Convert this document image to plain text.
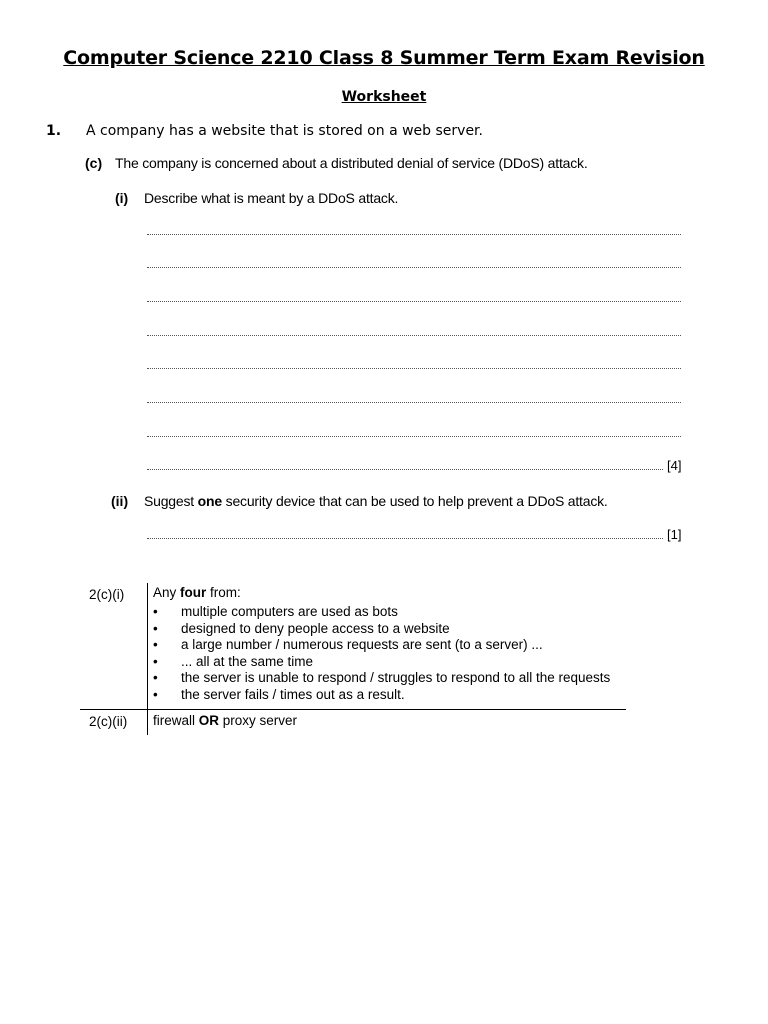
Computer Science 2210 Class 8 Summer Term Exam Revision
Worksheet
1. A company has a website that is stored on a web server.
(c) The company is concerned about a distributed denial of service (DDoS) attack.
(i) Describe what is meant by a DDoS attack.
[4]
(ii) Suggest one security device that can be used to help prevent a DDoS attack.
[1]
2(c)(i) Any four from:
• multiple computers are used as bots
• designed to deny people access to a website
• a large number / numerous requests are sent (to a server) ...
• ... all at the same time
• the server is unable to respond / struggles to respond to all the requests
• the server fails / times out as a result.
2(c)(ii) firewall OR proxy server
